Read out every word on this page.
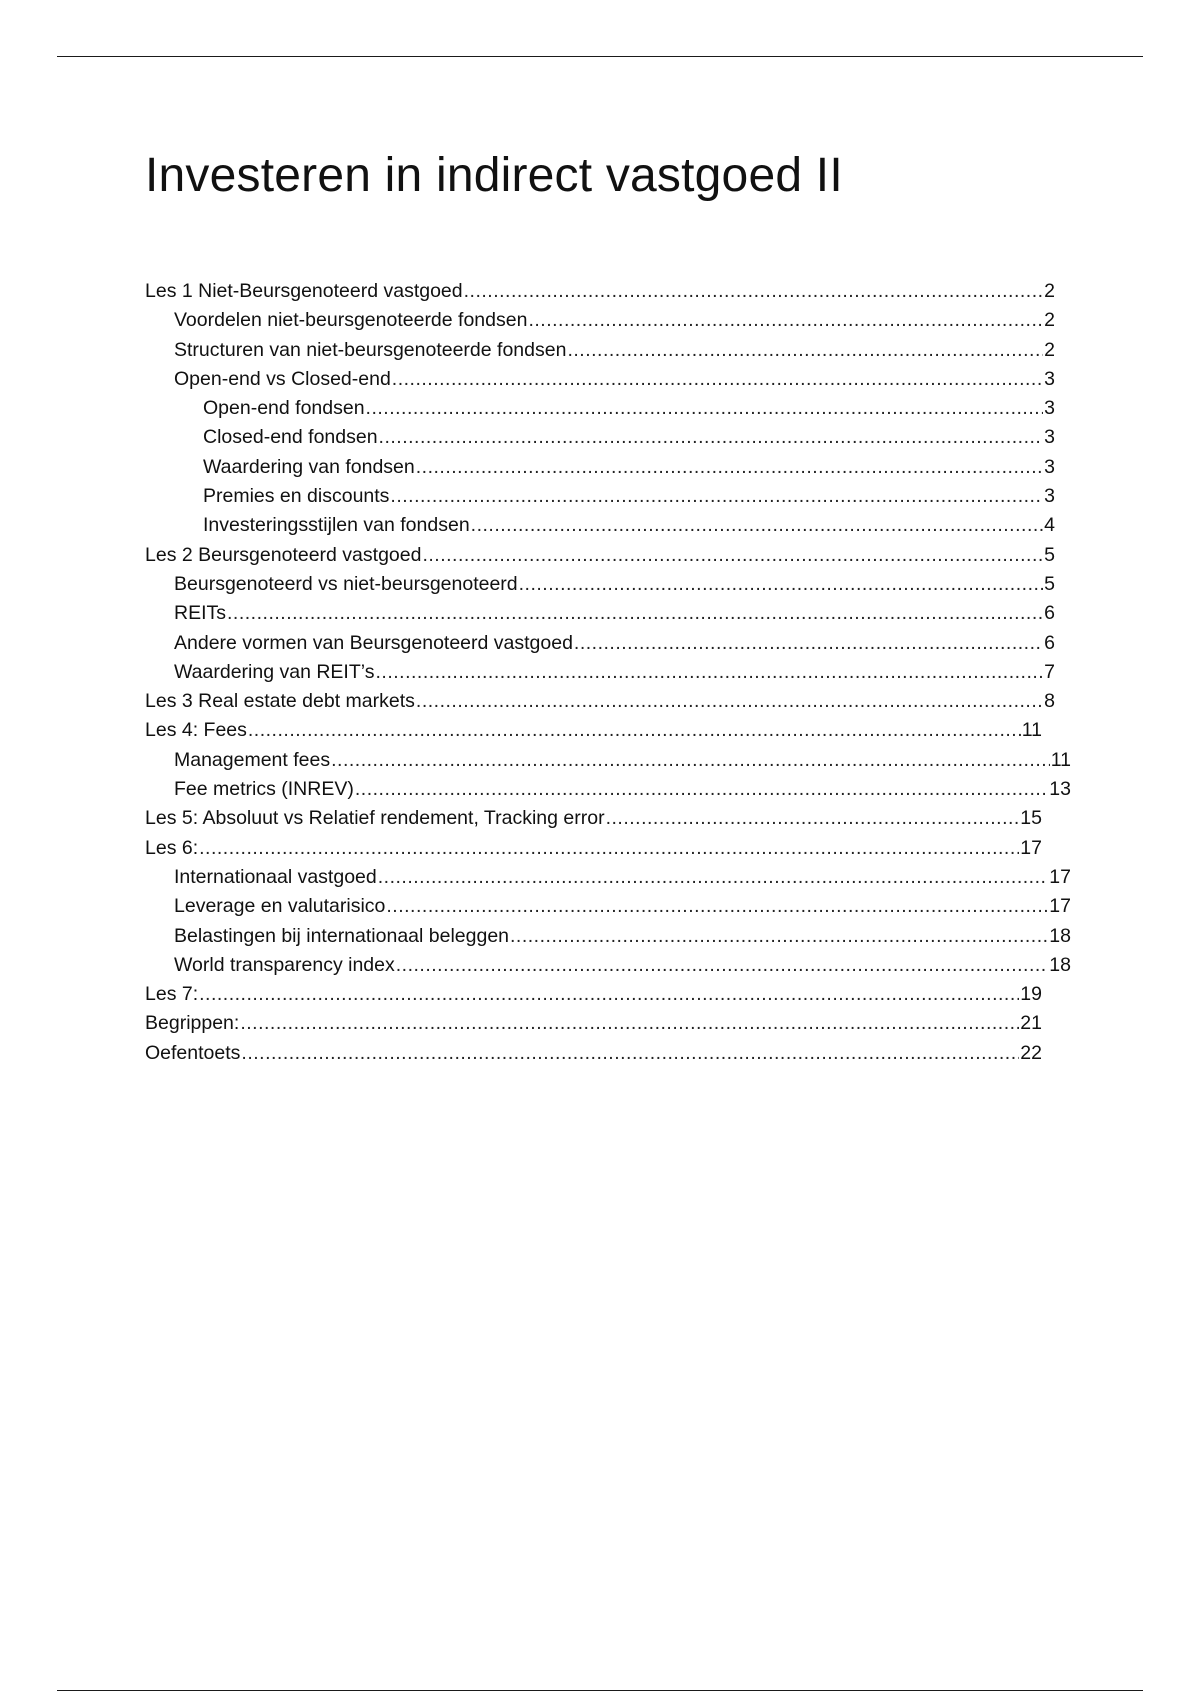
Investeren in indirect vastgoed II
Les 1 Niet-Beursgenoteerd vastgoed .....	2
Voordelen niet-beursgenoteerde fondsen .....	2
Structuren van niet-beursgenoteerde fondsen .....	2
Open-end vs Closed-end .....	3
Open-end fondsen .....	3
Closed-end fondsen .....	3
Waardering van fondsen .....	3
Premies en discounts .....	3
Investeringsstijlen van fondsen .....	4
Les 2 Beursgenoteerd vastgoed .....	5
Beursgenoteerd vs niet-beursgenoteerd .....	5
REITs .....	6
Andere vormen van Beursgenoteerd vastgoed .....	6
Waardering van REIT’s .....	7
Les 3 Real estate debt markets .....	8
Les 4: Fees .....	11
Management fees .....	11
Fee metrics (INREV) .....	13
Les 5: Absoluut vs Relatief rendement, Tracking error .....	15
Les 6: .....	17
Internationaal vastgoed .....	17
Leverage en valutarisico .....	17
Belastingen bij internationaal beleggen .....	18
World transparency index .....	18
Les 7: .....	19
Begrippen: .....	21
Oefentoets .....	22
